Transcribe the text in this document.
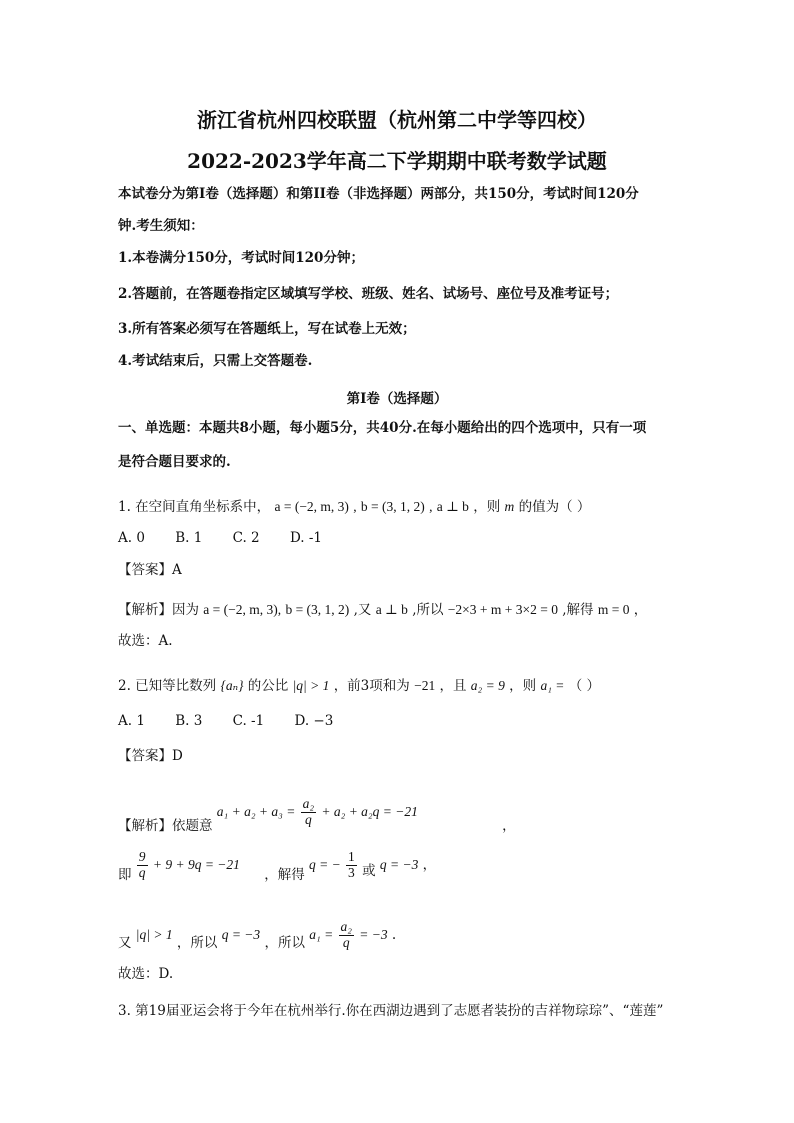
浙江省杭州四校联盟（杭州第二中学等四校）
2022-2023学年高二下学期期中联考数学试题
本试卷分为第I卷（选择题）和第II卷（非选择题）两部分，共150分，考试时间120分
钟.考生须知：
1.本卷满分150分，考试时间120分钟；
2.答题前，在答题卷指定区域填写学校、班级、姓名、试场号、座位号及准考证号；
3.所有答案必须写在答题纸上，写在试卷上无效；
4.考试结束后，只需上交答题卷.
第I卷（选择题）
一、单选题：本题共8小题，每小题5分，共40分.在每小题给出的四个选项中，只有一项
是符合题目要求的.
1. 在空间直角坐标系中， a = (−2, m, 3) , b = (3, 1, 2) , a ⊥ b ，则 m 的值为（ ）
A. 0 B. 1 C. 2 D. -1
【答案】A
【解析】因为 a = (−2, m, 3), b = (3, 1, 2) ,又 a ⊥ b ,所以 −2×3 + m + 3×2 = 0 ,解得 m = 0 ，
故选：A.
2. 已知等比数列 {aₙ} 的公比 |q| > 1 ，前3项和为 −21 ，且 a₂ = 9 ，则 a₁ = （ ）
A. 1 B. 3 C. -1 D. −3
【答案】D
【解析】依题意 $a_1 + a_2 + a_3 = \frac{\text{a₂}}{q} + a_2 + a_2q = -21$ ，
即 $\frac{9}{q} + 9 + 9q = -21$ ，解得 q = − $\frac{1}{3}$ 或 q = −3 ，
又 |q| > 1 ，所以 q = −3 ，所以 $a_1 = \frac{\text{a₂}}{q} = -3$ .
故选：D.
3. 第19届亚运会将于今年在杭州举行.你在西湖边遇到了志愿者装扮的吉祥物琮琮”、“莲莲”
